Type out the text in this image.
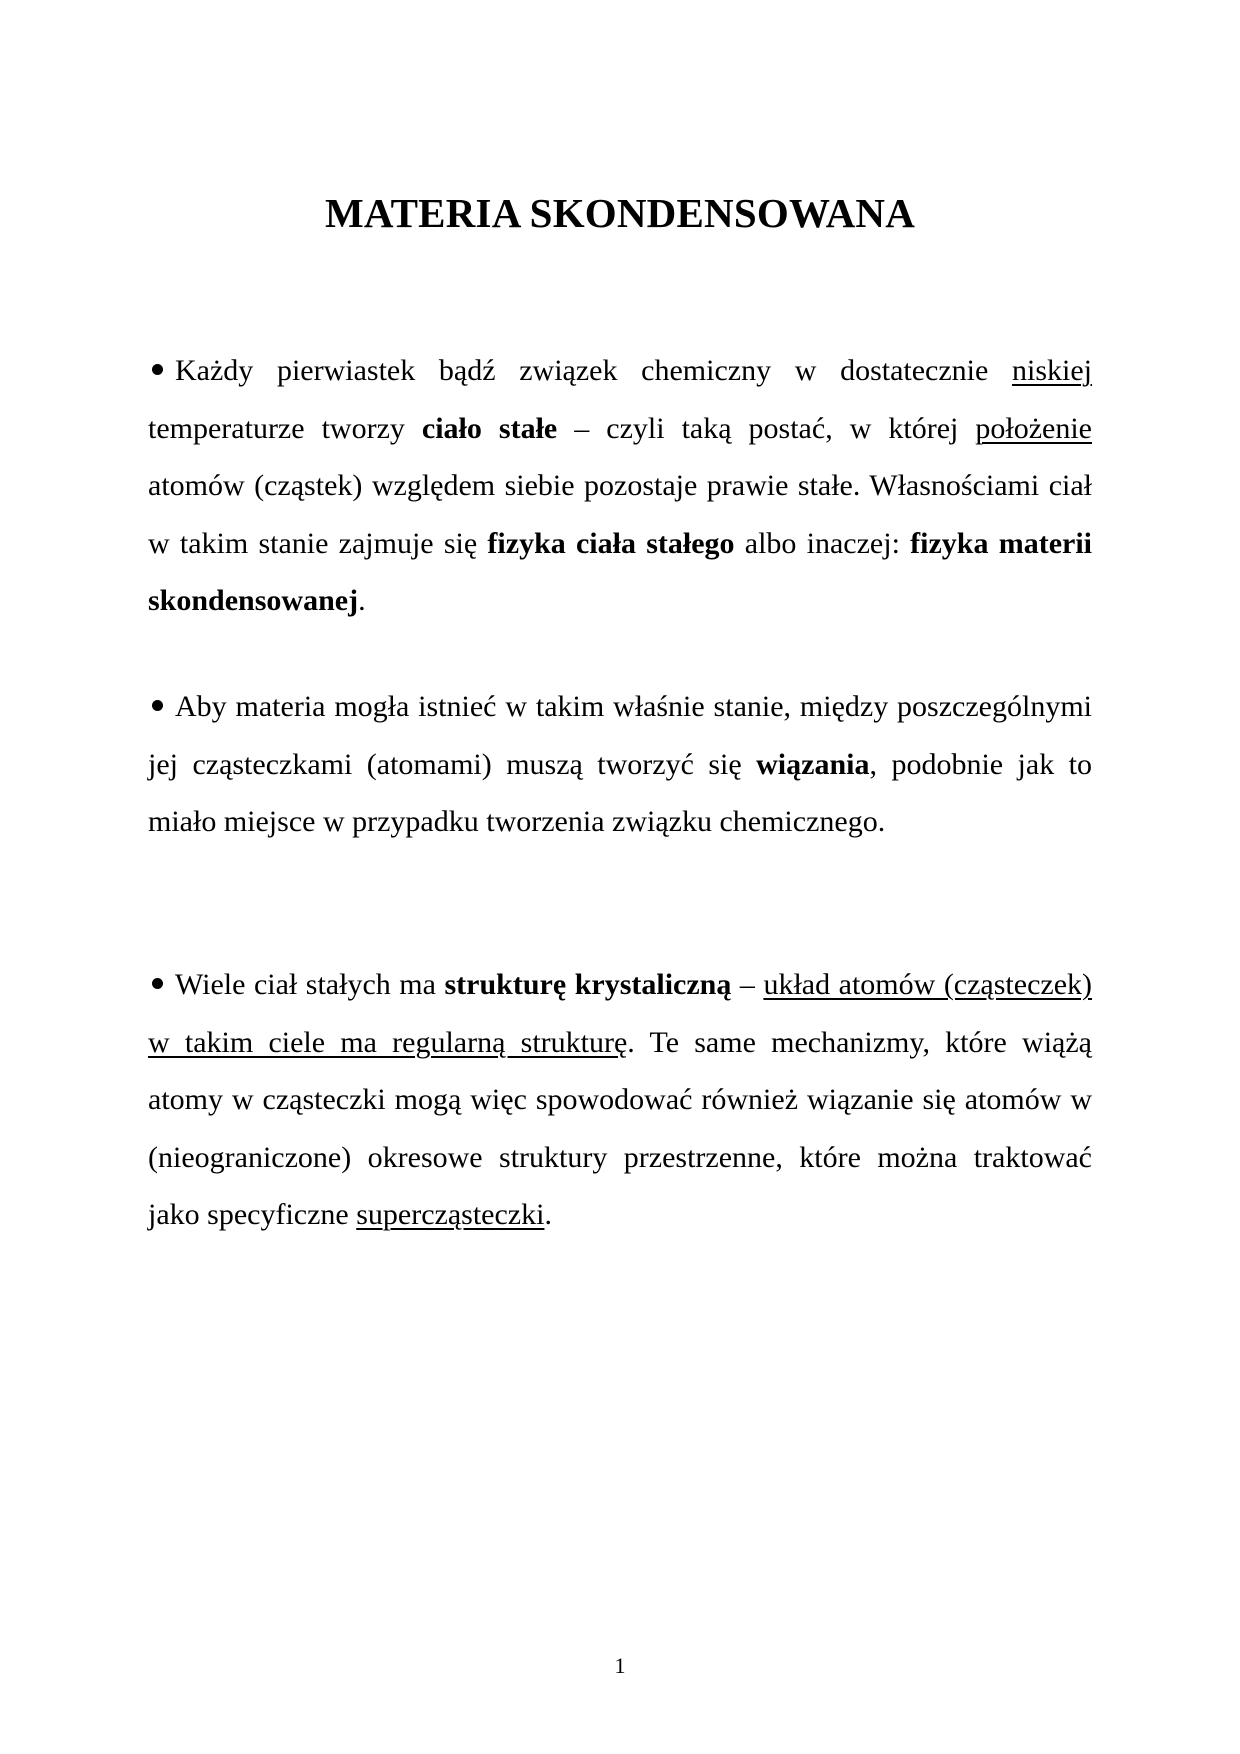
MATERIA SKONDENSOWANA

Każdy pierwiastek bądź związek chemiczny w dostatecznie niskiej temperaturze tworzy ciało stałe – czyli taką postać, w której położenie atomów (cząstek) względem siebie pozostaje prawie stałe. Własnościami ciał w takim stanie zajmuje się fizyka ciała stałego albo inaczej: fizyka materii skondensowanej.

Aby materia mogła istnieć w takim właśnie stanie, między poszczególnymi jej cząsteczkami (atomami) muszą tworzyć się wiązania, podobnie jak to miało miejsce w przypadku tworzenia związku chemicznego.

Wiele ciał stałych ma strukturę krystaliczną – układ atomów (cząsteczek) w takim ciele ma regularną strukturę. Te same mechanizmy, które wiążą atomy w cząsteczki mogą więc spowodować również wiązanie się atomów w (nieograniczone) okresowe struktury przestrzenne, które można traktować jako specyficzne supercząsteczki.

1
